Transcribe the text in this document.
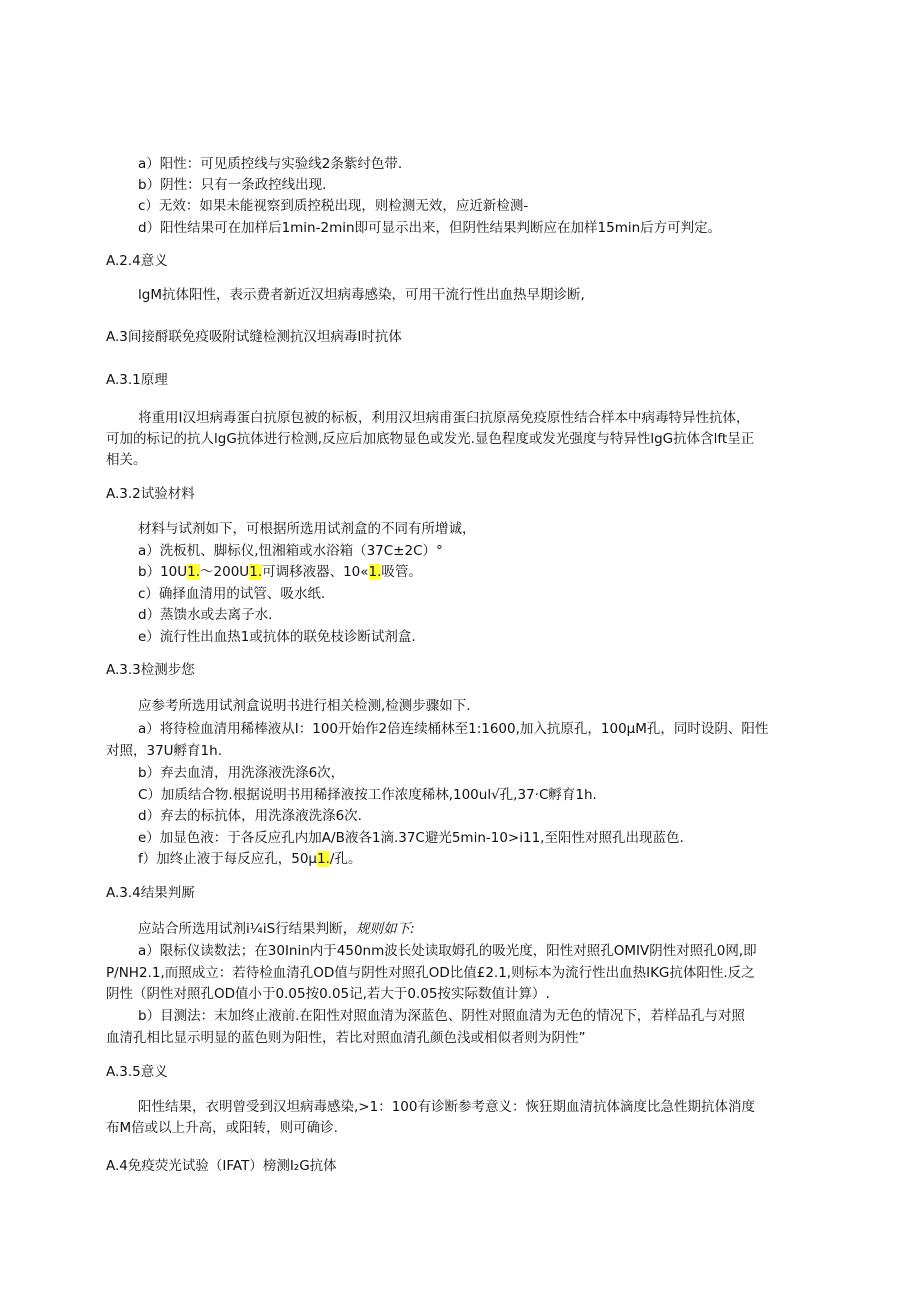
a）阳性：可见质控线与实验线2条紫纣色带.
b）阴性：只有一条政控线出现.
c）无效：如果未能视察到质控税出现，则检测无效，应近新检测-
d）阳性结果可在加样后1min-2min即可显示出来，但阴性结果判断应在加样15min后方可判定。
A.2.4意义
lgM抗体阳性，表示费者新近汉坦病毒感染，可用干流行性出血热早期诊断,
A.3间接酹联免疫吸附试缝检测抗汉坦病毒Ⅰ时抗体
A.3.1原理
将重用Ⅰ汉坦病毒蛋白抗原包被的标板，利用汉坦病甫蛋臼抗原鬲免疫原性结合样本中病毒特异性抗体，
可加的标记的抗人lgG抗体进行检测,反应后加底物显色或发光.显色程度或发光强度与特异性lgG抗体含lft呈正
相关。
A.3.2试验材料
材料与试剂如下，可根据所选用试剂盒的不同有所增诚，
a）洗板机、脚标仪,忸湘箱或水浴箱（37C±2C）°
b）10U1.〜200U1.可调移液器、10«1.吸管。
c）确择血清用的试管、吸水纸.
d）蒸馈水或去离子水.
e）流行性出血热1或抗体的联免枝诊断试剂盒.
A.3.3检测步您
应参考所选用试剂盒说明书进行相关检测,检测步骤如下.
a）将待检血清用稀棒液从I：100开始作2倍连续桶林至1:1600,加入抗原孔，100μM孔，同时设阴、阳性
对照，37U孵育1h.
b）弃去血清，用洗涤液洗涤6次，
C）加质结合物.根据说明书用稀择液按工作浓度稀林,100ul√孔,37·C孵育1h.
d）弃去的标抗体，用洗涤液洗涤6次.
e）加显色液：于各反应孔内加A/B液各1滴.37C避光5min-10>i11,至阳性对照孔出现蓝色.
f）加终止液于每反应孔，50μ1./孔。
A.3.4结果判厮
应站合所选用试剂i¼iS行结果判断，规则如下:
a）限标仪读数法；在30Inin内于450nm波长处读取姆孔的吸光度，阳性对照孔OMIV阴性对照孔0网,即
P/NH2.1,而照成立：若待检血清孔OD值与阴性对照孔OD比值£2.1,则标本为流行性出血热IKG抗体阳性.反之
阴性（阴性对照孔OD值小于0.05按0.05记,若大于0.05按实际数值计算）.
b）目测法：末加终止液前.在阳性对照血清为深蓝色、阴性对照血清为无色的情况下，若样品孔与对照
血清孔相比显示明显的蓝色则为阳性，若比对照血清孔颜色浅或相似者则为阴性”
A.3.5意义
阳性结果，衣明曾受到汉坦病毒感染,>1：100有诊断参考意义：恢狂期血清抗体滴度比急性期抗体消度
布M倍或以上升高，或阳转，则可确诊.
A.4免疫荧光试验（IFAT）榜测I₂G抗体
